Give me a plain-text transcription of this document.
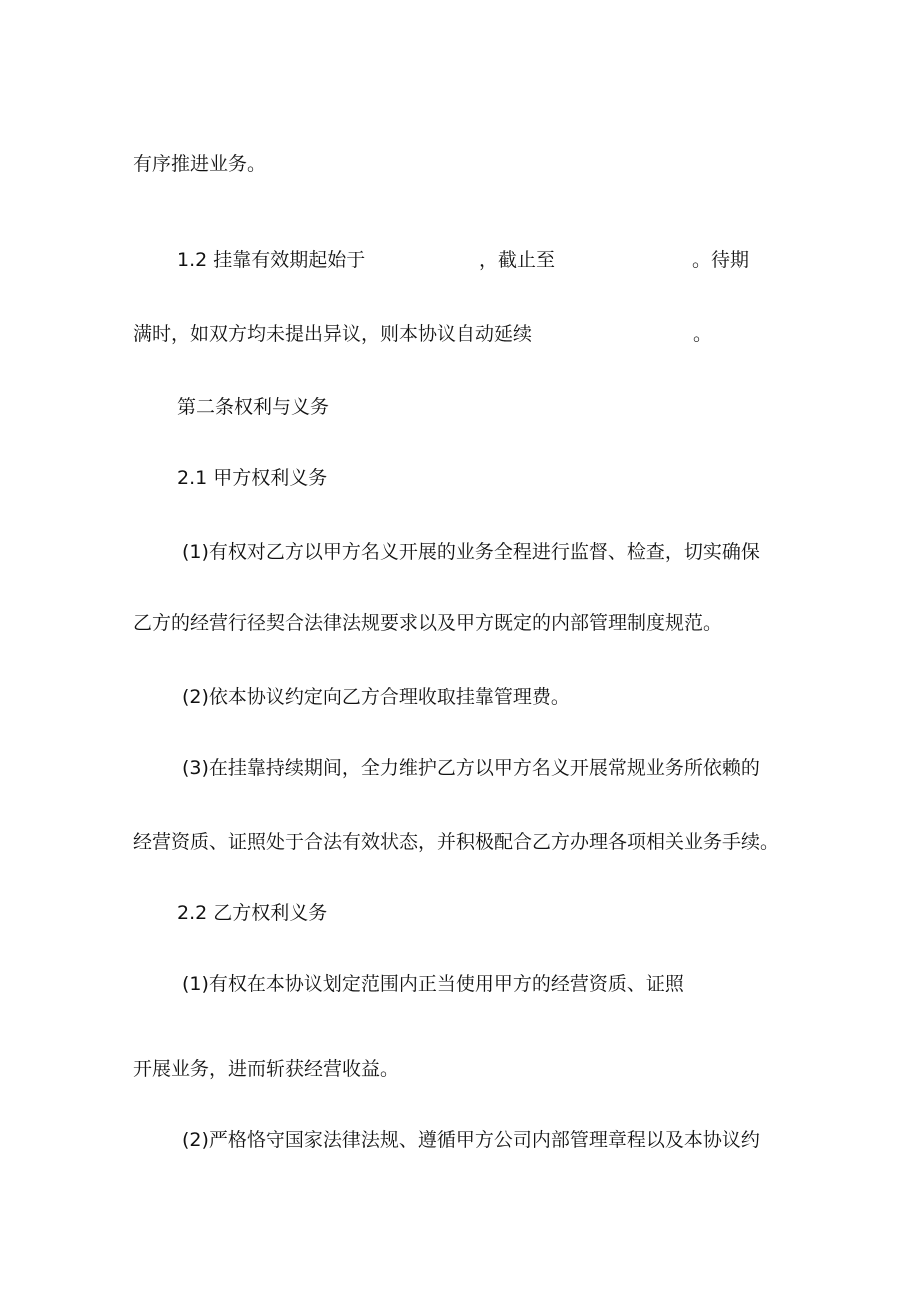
有序推进业务。
1.2 挂靠有效期起始于	，截止至	。待期
满时，如双方均未提出异议，则本协议自动延续	。
第二条权利与义务
2.1 甲方权利义务
(1)有权对乙方以甲方名义开展的业务全程进行监督、检查，切实确保
乙方的经营行径契合法律法规要求以及甲方既定的内部管理制度规范。
(2)依本协议约定向乙方合理收取挂靠管理费。
(3)在挂靠持续期间，全力维护乙方以甲方名义开展常规业务所依赖的
经营资质、证照处于合法有效状态，并积极配合乙方办理各项相关业务手续。
2.2 乙方权利义务
(1)有权在本协议划定范围内正当使用甲方的经营资质、证照
开展业务，进而斩获经营收益。
(2)严格恪守国家法律法规、遵循甲方公司内部管理章程以及本协议约
